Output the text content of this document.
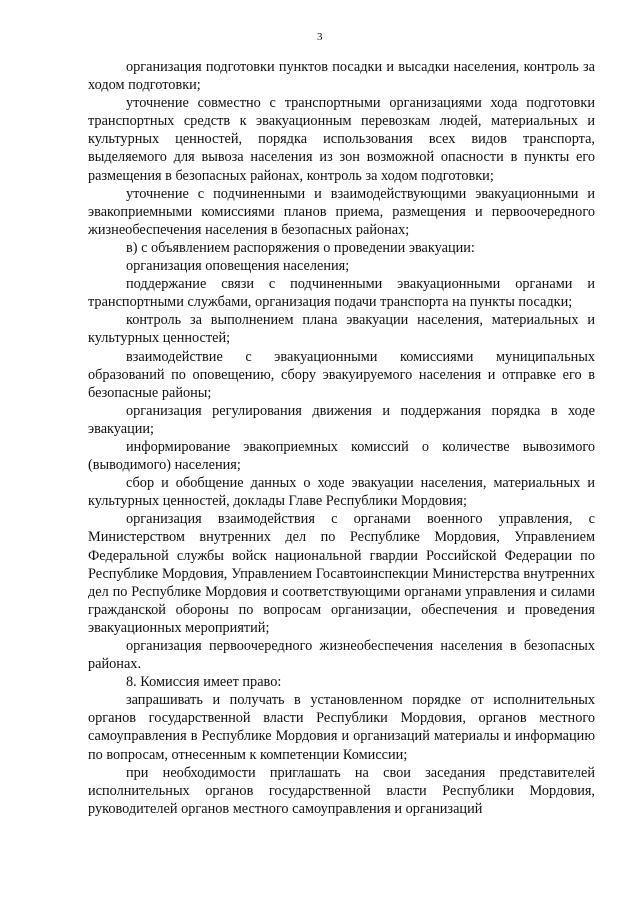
3

организация подготовки пунктов посадки и высадки населения, контроль за ходом подготовки;

уточнение совместно с транспортными организациями хода подготовки транспортных средств к эвакуационным перевозкам людей, материальных и культурных ценностей, порядка использования всех видов транспорта, выделяемого для вывоза населения из зон возможной опасности в пункты его размещения в безопасных районах, контроль за ходом подготовки;

уточнение с подчиненными и взаимодействующими эвакуационными и эвакоприемными комиссиями планов приема, размещения и первоочередного жизнеобеспечения населения в безопасных районах;

в) с объявлением распоряжения о проведении эвакуации:

организация оповещения населения;

поддержание связи с подчиненными эвакуационными органами и транспортными службами, организация подачи транспорта на пункты посадки;

контроль за выполнением плана эвакуации населения, материальных и культурных ценностей;

взаимодействие с эвакуационными комиссиями муниципальных образований по оповещению, сбору эвакуируемого населения и отправке его в безопасные районы;

организация регулирования движения и поддержания порядка в ходе эвакуации;

информирование эвакоприемных комиссий о количестве вывозимого (выводимого) населения;

сбор и обобщение данных о ходе эвакуации населения, материальных и культурных ценностей, доклады Главе Республики Мордовия;

организация взаимодействия с органами военного управления, с Министерством внутренних дел по Республике Мордовия, Управлением Федеральной службы войск национальной гвардии Российской Федерации по Республике Мордовия, Управлением Госавтоинспекции Министерства внутренних дел по Республике Мордовия и соответствующими органами управления и силами гражданской обороны по вопросам организации, обеспечения и проведения эвакуационных мероприятий;

организация первоочередного жизнеобеспечения населения в безопасных районах.

8. Комиссия имеет право:

запрашивать и получать в установленном порядке от исполнительных органов государственной власти Республики Мордовия, органов местного самоуправления в Республике Мордовия и организаций материалы и информацию по вопросам, отнесенным к компетенции Комиссии;

при необходимости приглашать на свои заседания представителей исполнительных органов государственной власти Республики Мордовия, руководителей органов местного самоуправления и организаций
